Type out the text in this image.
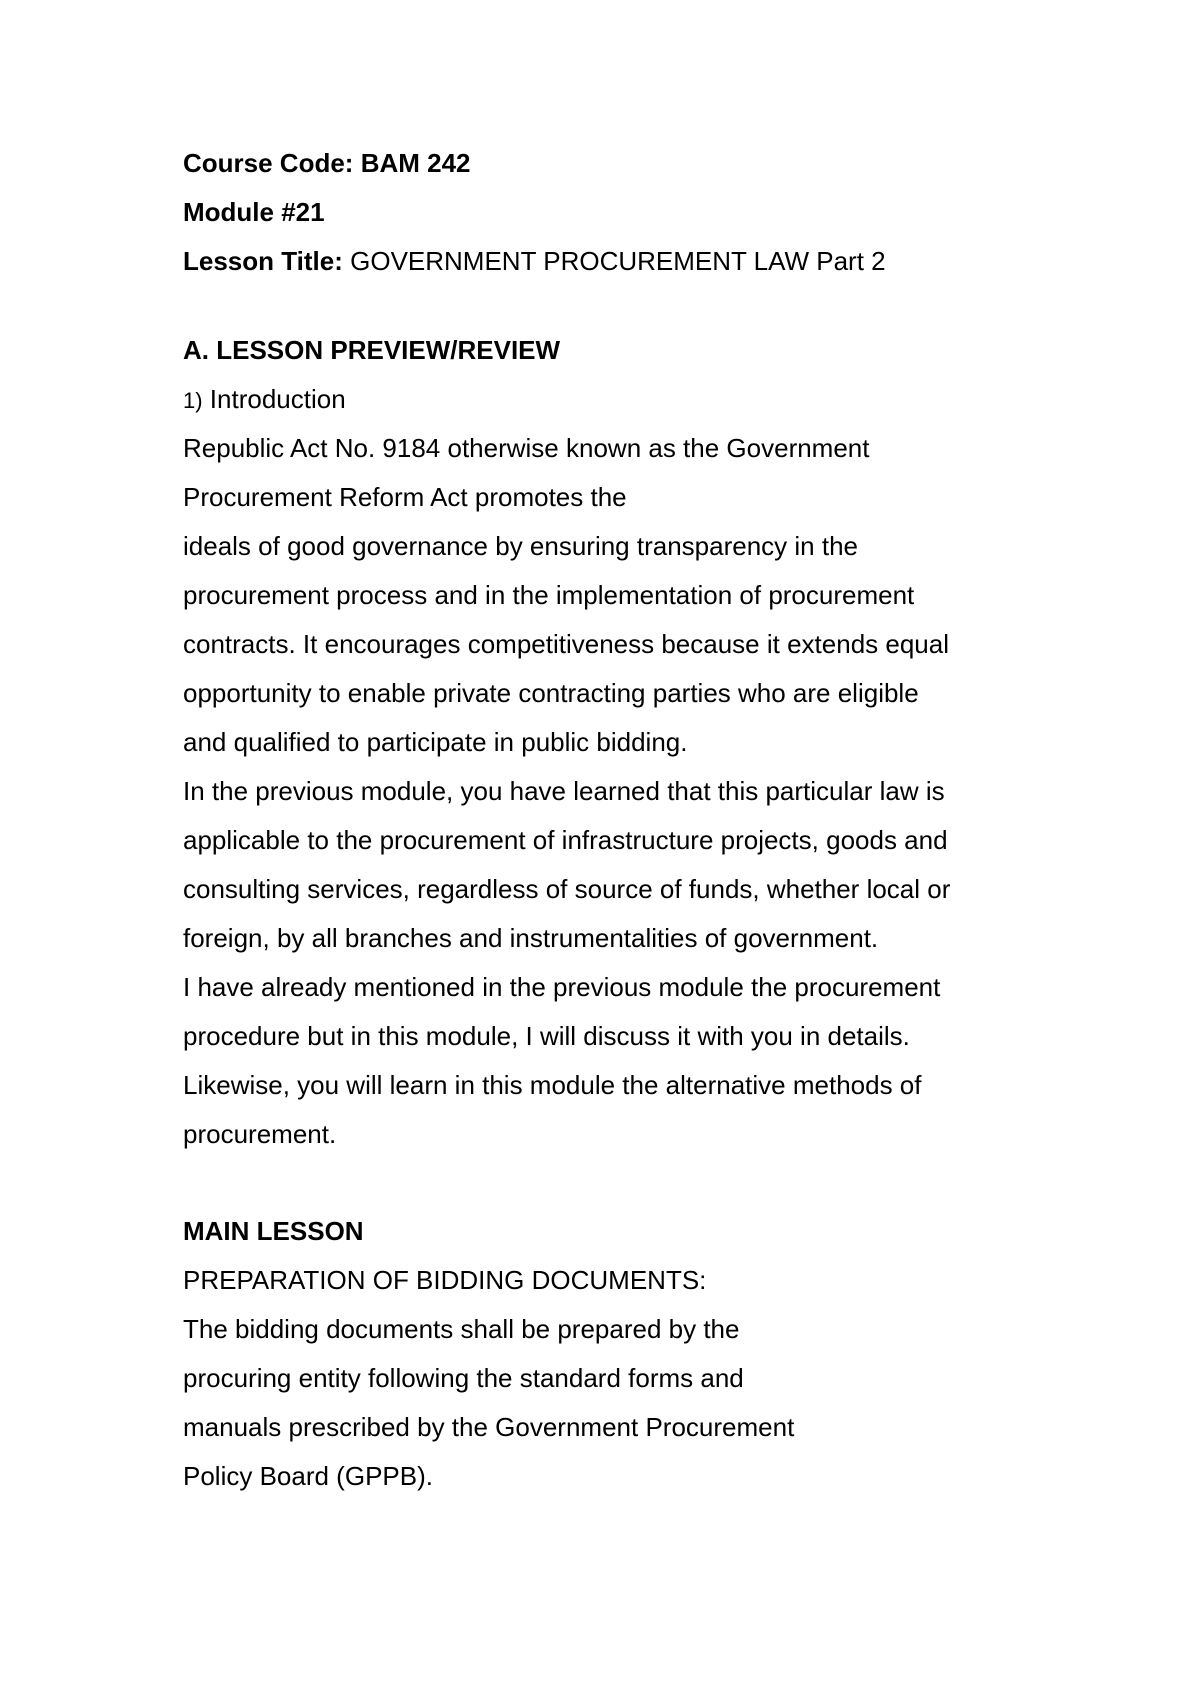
Course Code: BAM 242
Module #21
Lesson Title: GOVERNMENT PROCUREMENT LAW Part 2
A. LESSON PREVIEW/REVIEW
1) Introduction
Republic Act No. 9184 otherwise known as the Government
Procurement Reform Act promotes the
ideals of good governance by ensuring transparency in the
procurement process and in the implementation of procurement
contracts. It encourages competitiveness because it extends equal
opportunity to enable private contracting parties who are eligible
and qualified to participate in public bidding.
In the previous module, you have learned that this particular law is
applicable to the procurement of infrastructure projects, goods and
consulting services, regardless of source of funds, whether local or
foreign, by all branches and instrumentalities of government.
I have already mentioned in the previous module the procurement
procedure but in this module, I will discuss it with you in details.
Likewise, you will learn in this module the alternative methods of
procurement.
MAIN LESSON
PREPARATION OF BIDDING DOCUMENTS:
The bidding documents shall be prepared by the
procuring entity following the standard forms and
manuals prescribed by the Government Procurement
Policy Board (GPPB).
